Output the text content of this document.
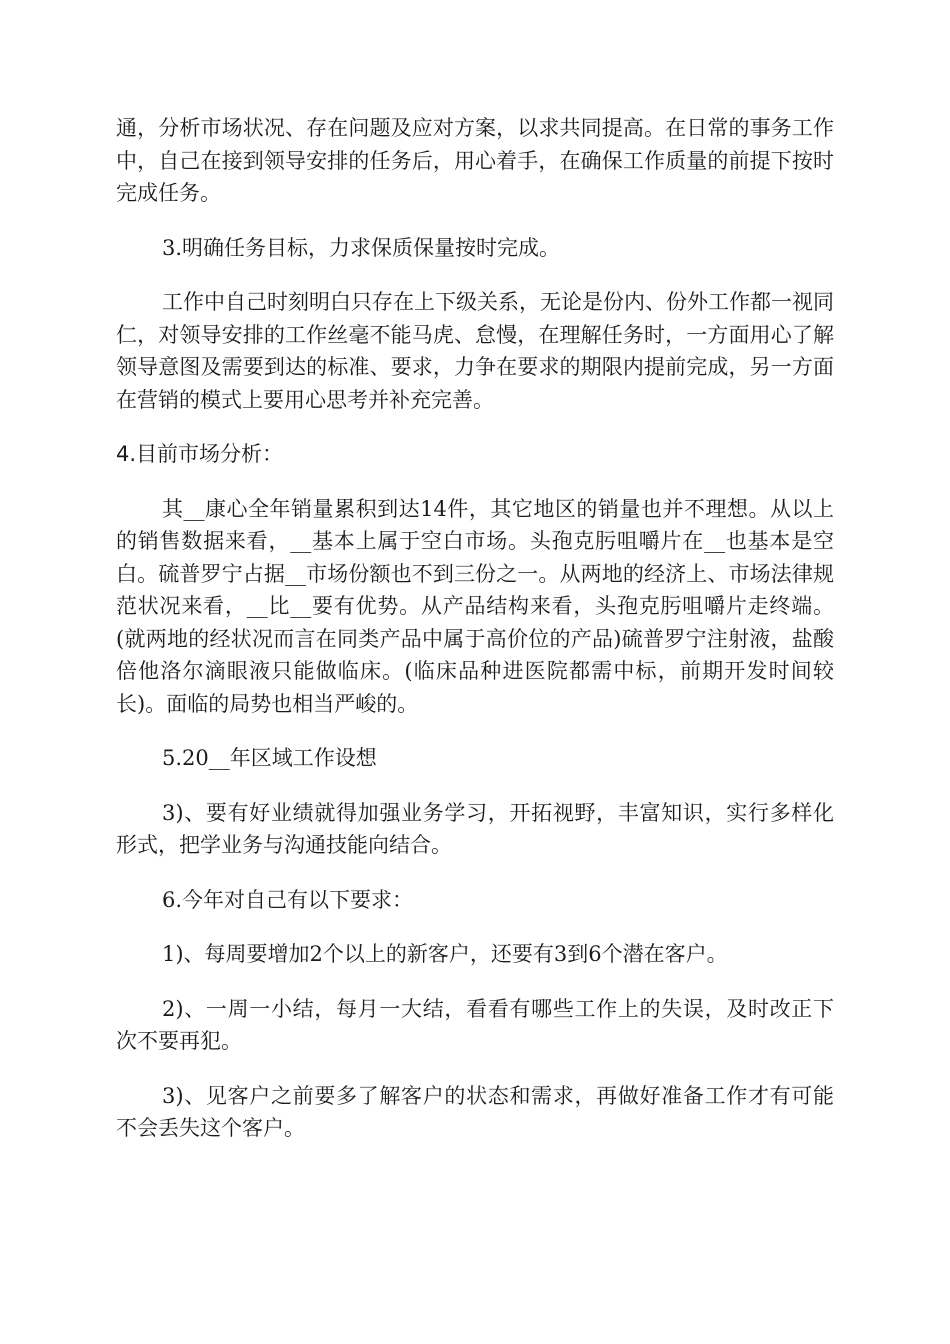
通，分析市场状况、存在问题及应对方案，以求共同提高。在日常的事务工作中，自己在接到领导安排的任务后，用心着手，在确保工作质量的前提下按时完成任务。

3.明确任务目标，力求保质保量按时完成。

工作中自己时刻明白只存在上下级关系，无论是份内、份外工作都一视同仁，对领导安排的工作丝毫不能马虎、怠慢，在理解任务时，一方面用心了解领导意图及需要到达的标准、要求，力争在要求的期限内提前完成，另一方面在营销的模式上要用心思考并补充完善。

4.目前市场分析：

其__康心全年销量累积到达14件，其它地区的销量也并不理想。从以上的销售数据来看，__基本上属于空白市场。头孢克肟咀嚼片在__也基本是空白。硫普罗宁占据__市场份额也不到三份之一。从两地的经济上、市场法律规范状况来看，__比__要有优势。从产品结构来看，头孢克肟咀嚼片走终端。(就两地的经状况而言在同类产品中属于高价位的产品)硫普罗宁注射液，盐酸倍他洛尔滴眼液只能做临床。(临床品种进医院都需中标，前期开发时间较长)。面临的局势也相当严峻的。

5.20__年区域工作设想

3)、要有好业绩就得加强业务学习，开拓视野，丰富知识，实行多样化形式，把学业务与沟通技能向结合。

6.今年对自己有以下要求：

1)、每周要增加2个以上的新客户，还要有3到6个潜在客户。

2)、一周一小结，每月一大结，看看有哪些工作上的失误，及时改正下次不要再犯。

3)、见客户之前要多了解客户的状态和需求，再做好准备工作才有可能不会丢失这个客户。
